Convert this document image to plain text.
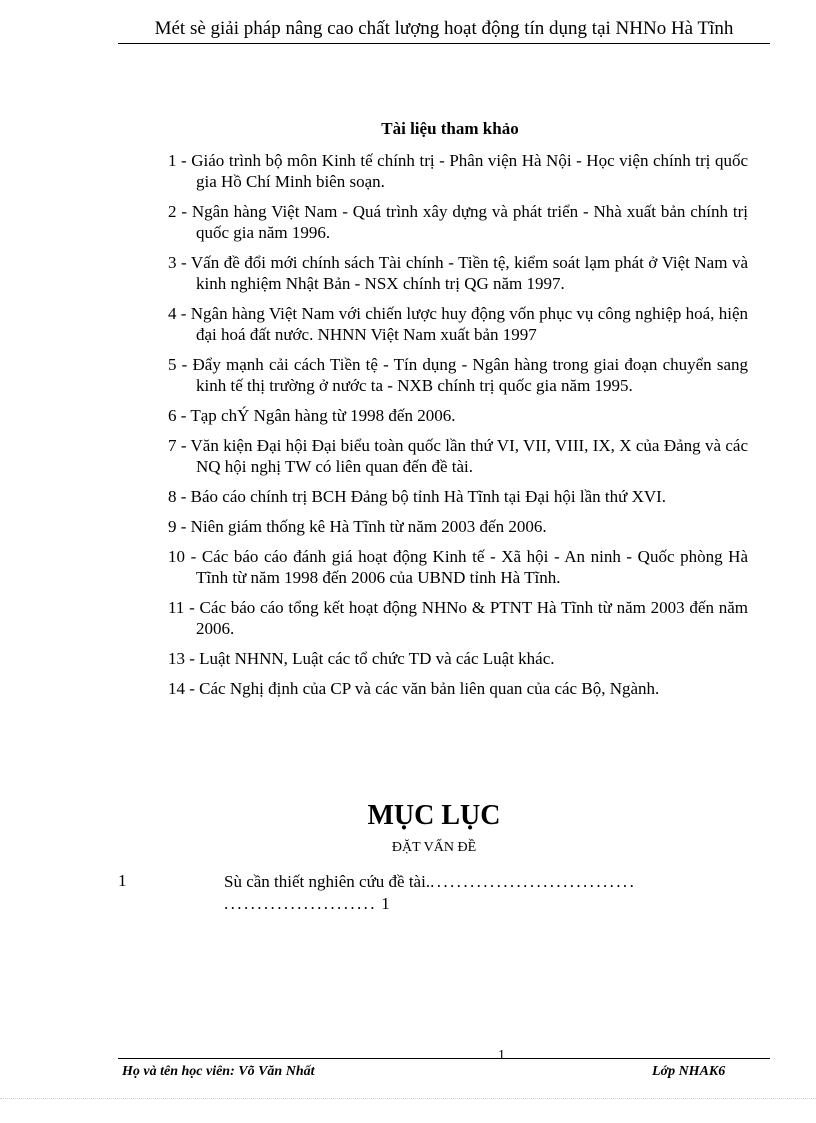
Mét sè giải pháp nâng cao chất lượng hoạt động tín dụng tại NHNo Hà Tĩnh
Tài liệu tham khảo
1 - Giáo trình bộ môn Kinh tế chính trị - Phân viện Hà Nội - Học viện chính trị quốc gia Hồ Chí Minh biên soạn.
2 - Ngân hàng Việt Nam - Quá trình xây dựng và phát triển - Nhà xuất bản chính trị quốc gia năm 1996.
3 - Vấn đề đổi mới chính sách Tài chính - Tiền tệ, kiểm soát lạm phát ở Việt Nam và kinh nghiệm Nhật Bản - NSX chính trị QG năm 1997.
4 - Ngân hàng Việt Nam với chiến lược huy động vốn phục vụ công nghiệp hoá, hiện đại hoá đất nước. NHNN Việt Nam xuất bản 1997
5 - Đẩy mạnh cải cách Tiền tệ - Tín dụng - Ngân hàng trong giai đoạn chuyển sang kinh tế thị trường ở nước ta - NXB chính trị quốc gia năm 1995.
6 - Tạp chÝ Ngân hàng từ 1998 đến 2006.
7 - Văn kiện Đại hội Đại biểu toàn quốc lần thứ VI, VII, VIII, IX, X của Đảng và các NQ hội nghị TW có liên quan đến đề tài.
8 - Báo cáo chính trị BCH Đảng bộ tỉnh Hà Tĩnh tại Đại hội lần thứ XVI.
9 - Niên giám thống kê Hà Tĩnh từ năm 2003 đến 2006.
10 - Các báo cáo đánh giá hoạt động Kinh tế - Xã hội - An ninh - Quốc phòng Hà Tĩnh từ năm 1998 đến 2006 của UBND tỉnh Hà Tĩnh.
11 - Các báo cáo tổng kết hoạt động NHNo & PTNT Hà Tĩnh từ năm 2003 đến năm 2006.
13 - Luật NHNN, Luật các tổ chức TD và các Luật khác.
14 - Các Nghị định của CP và các văn bản liên quan của các Bộ, Ngành.
MỤC LỤC
ĐẶT VẤN ĐỀ
1	Sù cần thiết nghiên cứu đề tài................................
....................... 1
1
Họ và tên học viên: Võ Văn Nhất	Lớp NHAK6
